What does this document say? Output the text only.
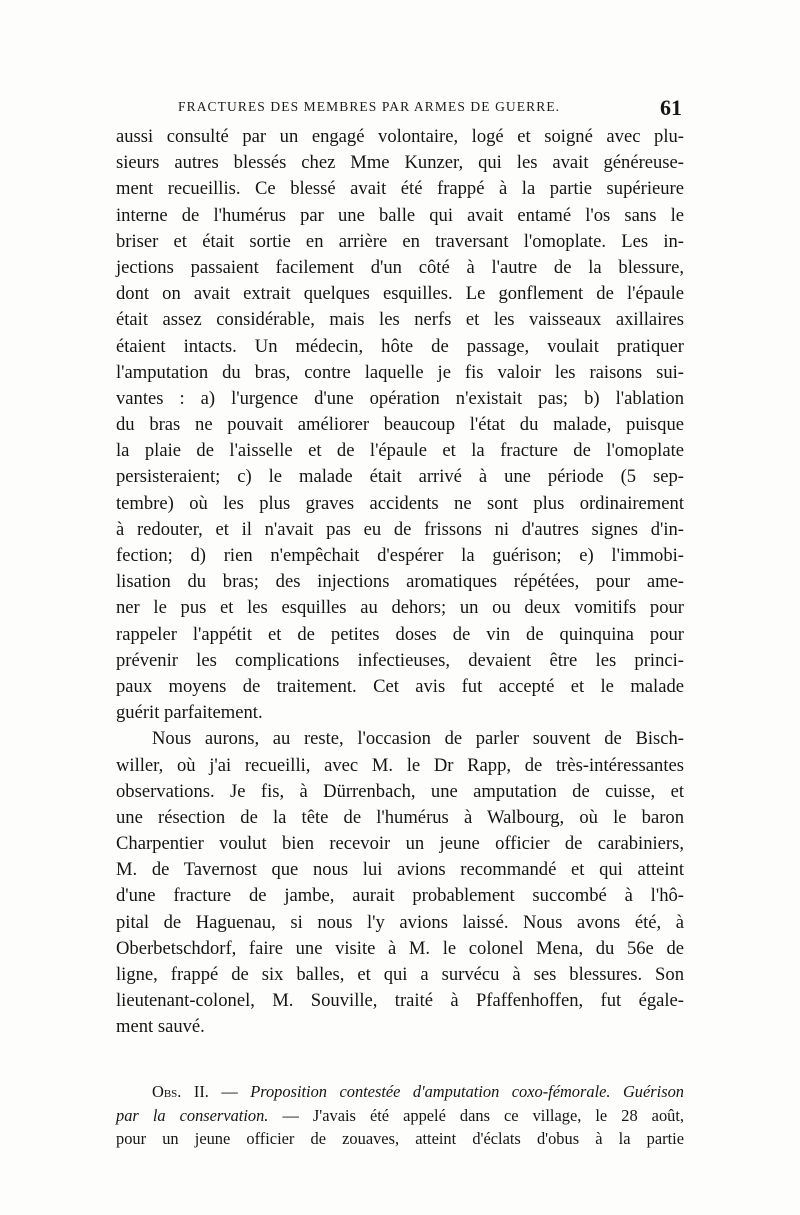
FRACTURES DES MEMBRES PAR ARMES DE GUERRE.	61
aussi consulté par un engagé volontaire, logé et soigné avec plu-
sieurs autres blessés chez Mme Kunzer, qui les avait généreuse-
ment recueillis. Ce blessé avait été frappé à la partie supérieure
interne de l'humérus par une balle qui avait entamé l'os sans le
briser et était sortie en arrière en traversant l'omoplate. Les in-
jections passaient facilement d'un côté à l'autre de la blessure,
dont on avait extrait quelques esquilles. Le gonflement de l'épaule
était assez considérable, mais les nerfs et les vaisseaux axillaires
étaient intacts. Un médecin, hôte de passage, voulait pratiquer
l'amputation du bras, contre laquelle je fis valoir les raisons sui-
vantes : a) l'urgence d'une opération n'existait pas; b) l'ablation
du bras ne pouvait améliorer beaucoup l'état du malade, puisque
la plaie de l'aisselle et de l'épaule et la fracture de l'omoplate
persisteraient; c) le malade était arrivé à une période (5 sep-
tembre) où les plus graves accidents ne sont plus ordinairement
à redouter, et il n'avait pas eu de frissons ni d'autres signes d'in-
fection; d) rien n'empêchait d'espérer la guérison; e) l'immobi-
lisation du bras; des injections aromatiques répétées, pour ame-
ner le pus et les esquilles au dehors; un ou deux vomitifs pour
rappeler l'appétit et de petites doses de vin de quinquina pour
prévenir les complications infectieuses, devaient être les princi-
paux moyens de traitement. Cet avis fut accepté et le malade
guérit parfaitement.
Nous aurons, au reste, l'occasion de parler souvent de Bisch-
willer, où j'ai recueilli, avec M. le Dr Rapp, de très-intéressantes
observations. Je fis, à Dürrenbach, une amputation de cuisse, et
une résection de la tête de l'humérus à Walbourg, où le baron
Charpentier voulut bien recevoir un jeune officier de carabiniers,
M. de Tavernost que nous lui avions recommandé et qui atteint
d'une fracture de jambe, aurait probablement succombé à l'hô-
pital de Haguenau, si nous l'y avions laissé. Nous avons été, à
Oberbetschdorf, faire une visite à M. le colonel Mena, du 56e de
ligne, frappé de six balles, et qui a survécu à ses blessures. Son
lieutenant-colonel, M. Souville, traité à Pfaffenhoffen, fut égale-
ment sauvé.
Obs. II. — Proposition contestée d'amputation coxo-fémorale. Guérison
par la conservation. — J'avais été appelé dans ce village, le 28 août,
pour un jeune officier de zouaves, atteint d'éclats d'obus à la partie
